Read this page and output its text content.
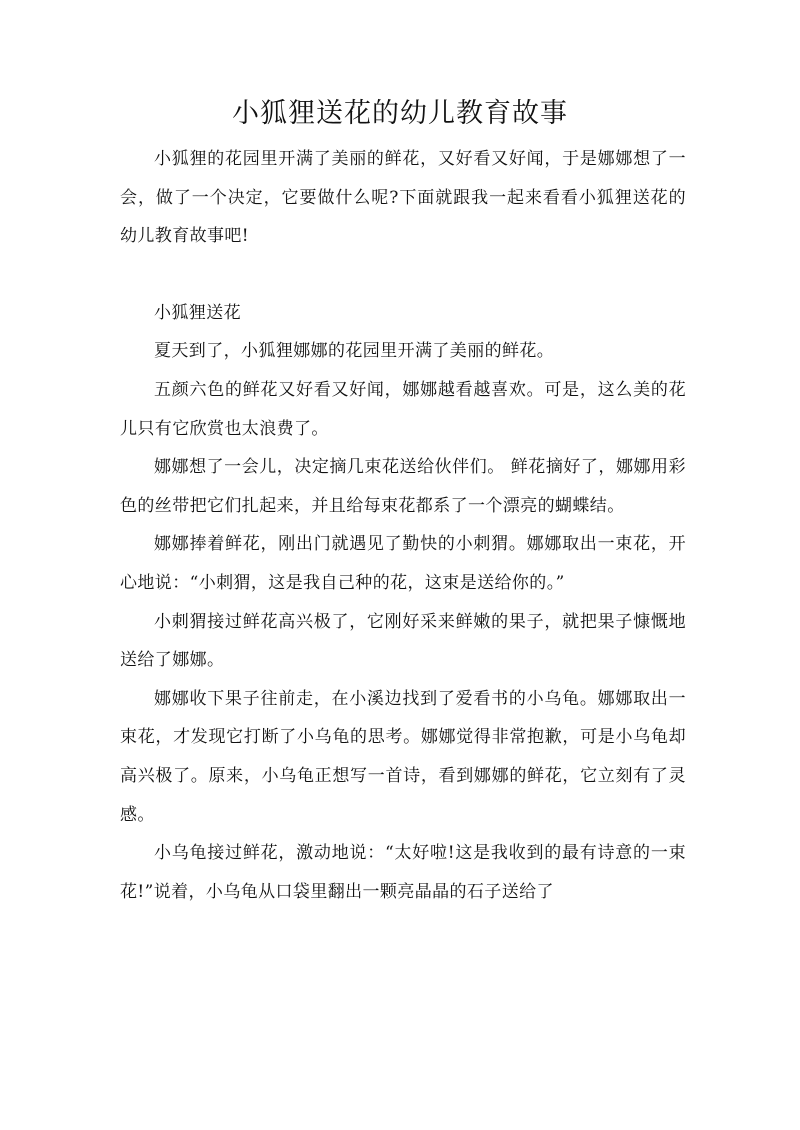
小狐狸送花的幼儿教育故事

小狐狸的花园里开满了美丽的鲜花，又好看又好闻，于是娜娜想了一会，做了一个决定，它要做什么呢?下面就跟我一起来看看小狐狸送花的幼儿教育故事吧!

小狐狸送花

夏天到了，小狐狸娜娜的花园里开满了美丽的鲜花。

五颜六色的鲜花又好看又好闻，娜娜越看越喜欢。可是，这么美的花儿只有它欣赏也太浪费了。

娜娜想了一会儿，决定摘几束花送给伙伴们。 鲜花摘好了，娜娜用彩色的丝带把它们扎起来，并且给每束花都系了一个漂亮的蝴蝶结。

娜娜捧着鲜花，刚出门就遇见了勤快的小刺猬。娜娜取出一束花，开心地说：“小刺猬，这是我自己种的花，这束是送给你的。”

小刺猬接过鲜花高兴极了，它刚好采来鲜嫩的果子，就把果子慷慨地送给了娜娜。

娜娜收下果子往前走，在小溪边找到了爱看书的小乌龟。娜娜取出一束花，才发现它打断了小乌龟的思考。娜娜觉得非常抱歉，可是小乌龟却高兴极了。原来，小乌龟正想写一首诗，看到娜娜的鲜花，它立刻有了灵感。

小乌龟接过鲜花，激动地说：“太好啦!这是我收到的最有诗意的一束花!”说着，小乌龟从口袋里翻出一颗亮晶晶的石子送给了
